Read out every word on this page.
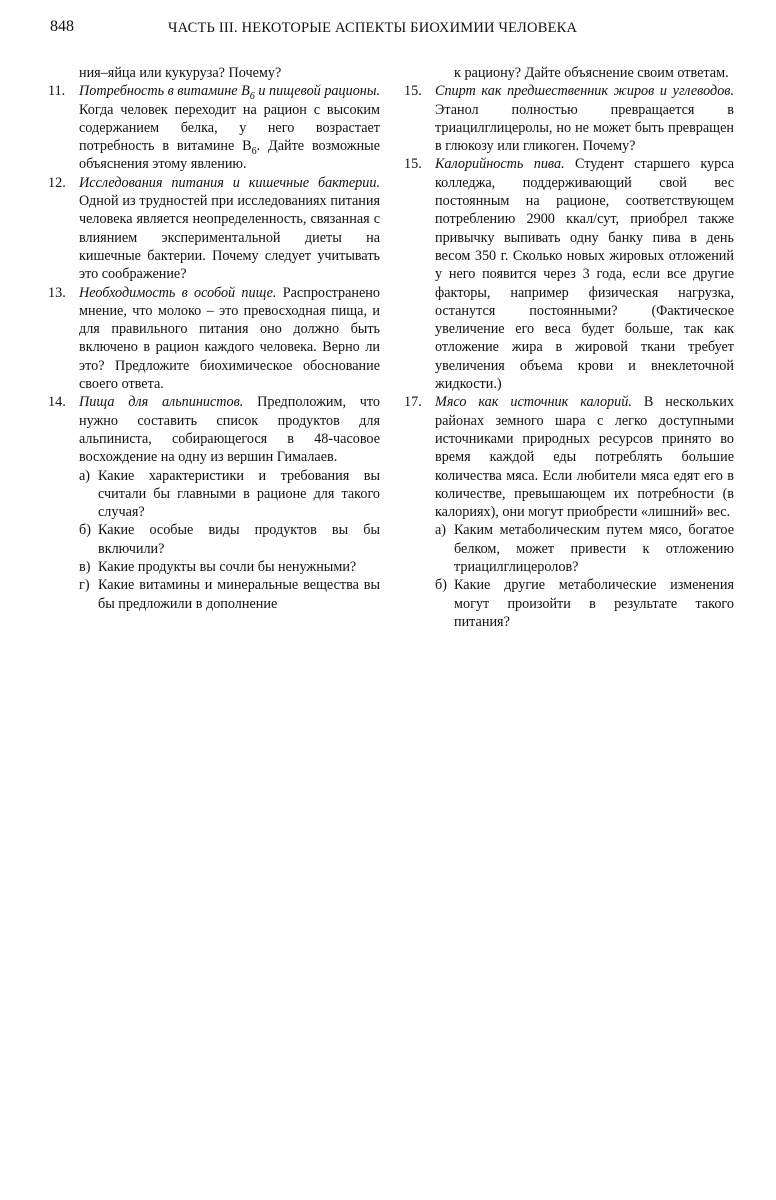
848	ЧАСТЬ III. НЕКОТОРЫЕ АСПЕКТЫ БИОХИМИИ ЧЕЛОВЕКА

ния–яйца или кукуруза? Почему?

11. Потребность в витамине $B_6$ и пищевой рационы. Когда человек переходит на рацион с высоким содержанием белка, у него возрастает потребность в витамине $B_6$. Дайте возможные объяснения этому явлению.

12. Исследования питания и кишечные бактерии. Одной из трудностей при исследованиях питания человека является неопределенность, связанная с влиянием экспериментальной диеты на кишечные бактерии. Почему следует учитывать это соображение?

13. Необходимость в особой пище. Распространено мнение, что молоко – это превосходная пища, и для правильного питания оно должно быть включено в рацион каждого человека. Верно ли это? Предложите биохимическое обоснование своего ответа.

14. Пища для альпинистов. Предположим, что нужно составить список продуктов для альпиниста, собирающегося в 48-часовое восхождение на одну из вершин Гималаев.

а) Какие характеристики и требования вы считали бы главными в рационе для такого случая?

б) Какие особые виды продуктов вы бы включили?

в) Какие продукты вы сочли бы ненужными?

г) Какие витамины и минеральные вещества вы бы предложили в дополнение

к рациону? Дайте объяснение своим ответам.

15. Спирт как предшественник жиров и углеводов. Этанол полностью превращается в триацилглицеролы, но не может быть превращен в глюкозу или гликоген. Почему?

15. Калорийность пива. Студент старшего курса колледжа, поддерживающий свой вес постоянным на рационе, соответствующем потреблению 2900 ккал/сут, приобрел также привычку выпивать одну банку пива в день весом 350 г. Сколько новых жировых отложений у него появится через 3 года, если все другие факторы, например физическая нагрузка, останутся постоянными? (Фактическое увеличение его веса будет больше, так как отложение жира в жировой ткани требует увеличения объема крови и внеклеточной жидкости.)

17. Мясо как источник калорий. В нескольких районах земного шара с легко доступными источниками природных ресурсов принято во время каждой еды потреблять большие количества мяса. Если любители мяса едят его в количестве, превышающем их потребности (в калориях), они могут приобрести «лишний» вес.

а) Каким метаболическим путем мясо, богатое белком, может привести к отложению триацилглицеролов?

б) Какие другие метаболические изменения могут произойти в результате такого питания?
